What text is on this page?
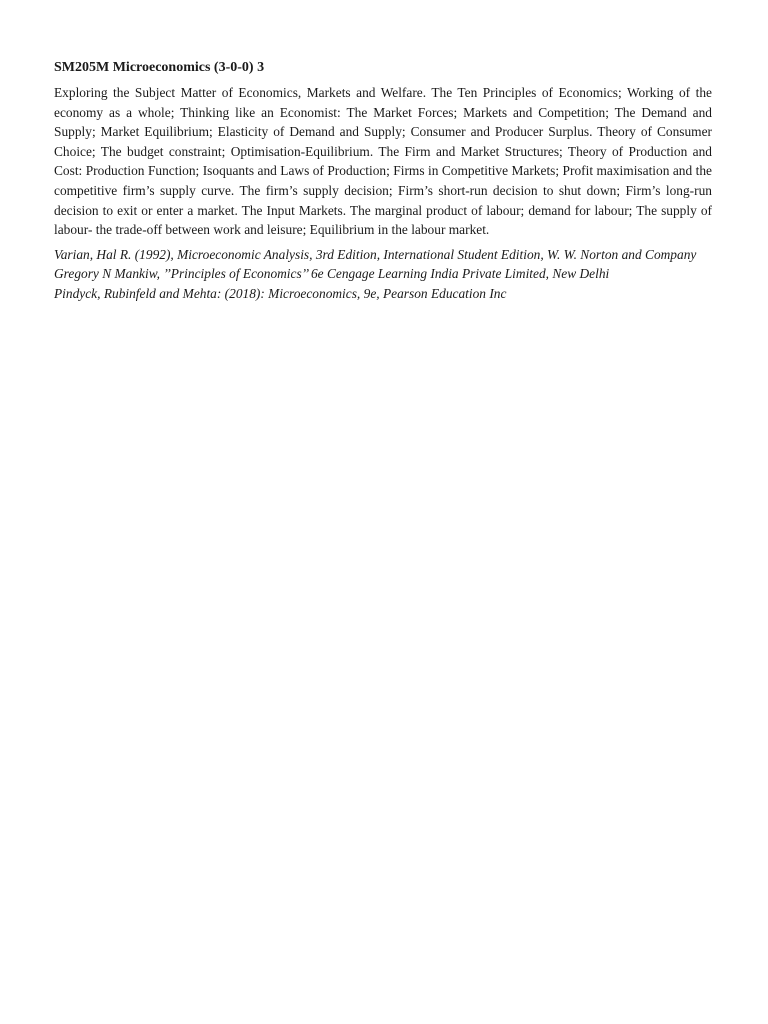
SM205M Microeconomics (3-0-0) 3

Exploring the Subject Matter of Economics, Markets and Welfare. The Ten Principles of Economics; Working of the economy as a whole; Thinking like an Economist: The Market Forces; Markets and Competition; The Demand and Supply; Market Equilibrium; Elasticity of Demand and Supply; Consumer and Producer Surplus. Theory of Consumer Choice; The budget constraint; Optimisation-Equilibrium. The Firm and Market Structures; Theory of Production and Cost: Production Function; Isoquants and Laws of Production; Firms in Competitive Markets; Profit maximisation and the competitive firm’s supply curve. The firm’s supply decision; Firm’s short-run decision to shut down; Firm’s long-run decision to exit or enter a market. The Input Markets. The marginal product of labour; demand for labour; The supply of labour- the trade-off between work and leisure; Equilibrium in the labour market.

Varian, Hal R. (1992), Microeconomic Analysis, 3rd Edition, International Student Edition, W. W. Norton and Company

Gregory N Mankiw, ’’Principles of Economics’’ 6e Cengage Learning India Private Limited, New Delhi

Pindyck, Rubinfeld and Mehta: (2018): Microeconomics, 9e, Pearson Education Inc
